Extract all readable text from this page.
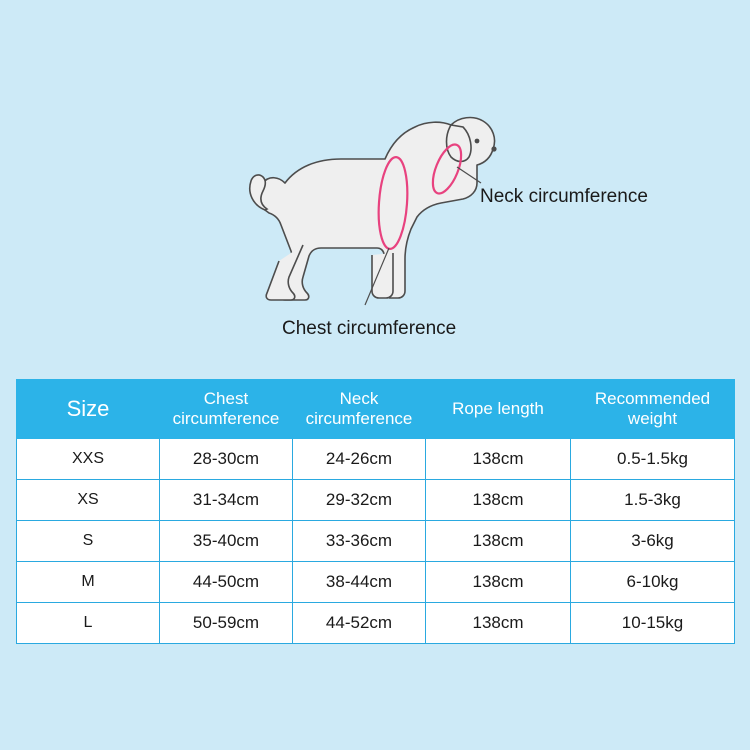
Neck circumference
Chest circumference
Size	Chest circumference	Neck circumference	Rope length	Recommended weight
XXS	28-30cm	24-26cm	138cm	0.5-1.5kg
XS	31-34cm	29-32cm	138cm	1.5-3kg
S	35-40cm	33-36cm	138cm	3-6kg
M	44-50cm	38-44cm	138cm	6-10kg
L	50-59cm	44-52cm	138cm	10-15kg
